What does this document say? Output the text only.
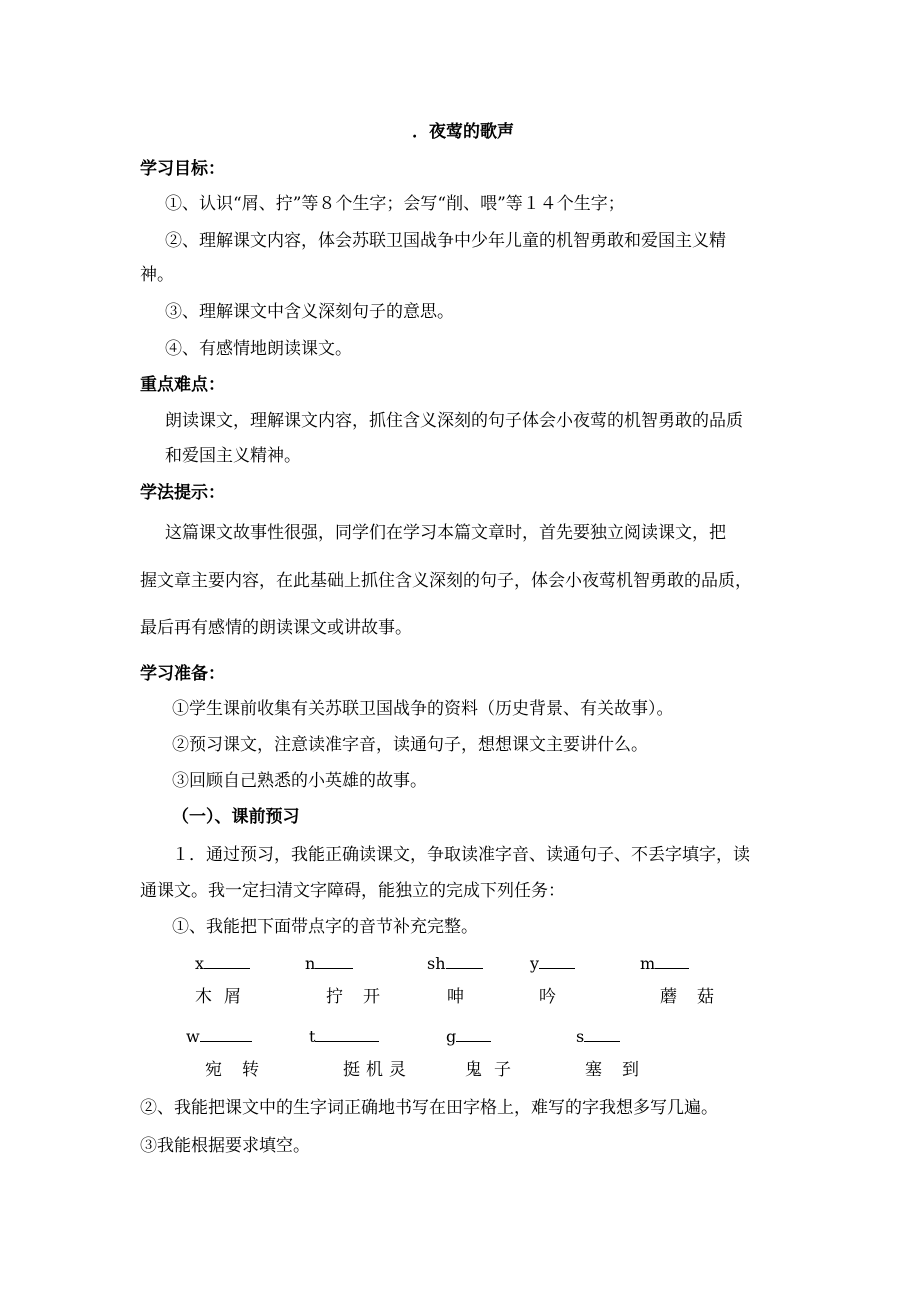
．夜莺的歌声
学习目标：
①、认识“屑、拧”等８个生字；会写“削、喂”等１４个生字；
②、理解课文内容，体会苏联卫国战争中少年儿童的机智勇敢和爱国主义精
神。
③、理解课文中含义深刻句子的意思。
④、有感情地朗读课文。
重点难点：
朗读课文，理解课文内容，抓住含义深刻的句子体会小夜莺的机智勇敢的品质
和爱国主义精神。
学法提示：
这篇课文故事性很强，同学们在学习本篇文章时，首先要独立阅读课文，把
握文章主要内容，在此基础上抓住含义深刻的句子，体会小夜莺机智勇敢的品质，
最后再有感情的朗读课文或讲故事。
学习准备：
①学生课前收集有关苏联卫国战争的资料（历史背景、有关故事）。
②预习课文，注意读准字音，读通句子，想想课文主要讲什么。
③回顾自己熟悉的小英雄的故事。
（一）、课前预习
１．通过预习，我能正确读课文，争取读准字音、读通句子、不丢字填字，读
通课文。我一定扫清文字障碍，能独立的完成下列任务：
①、我能把下面带点字的音节补充完整。
x	n	sh	y	m
木屑	拧开	呻	吟	蘑菇
w	t	g	s
宛转	挺机灵	鬼子	塞到
②、我能把课文中的生字词正确地书写在田字格上，难写的字我想多写几遍。
③我能根据要求填空。
